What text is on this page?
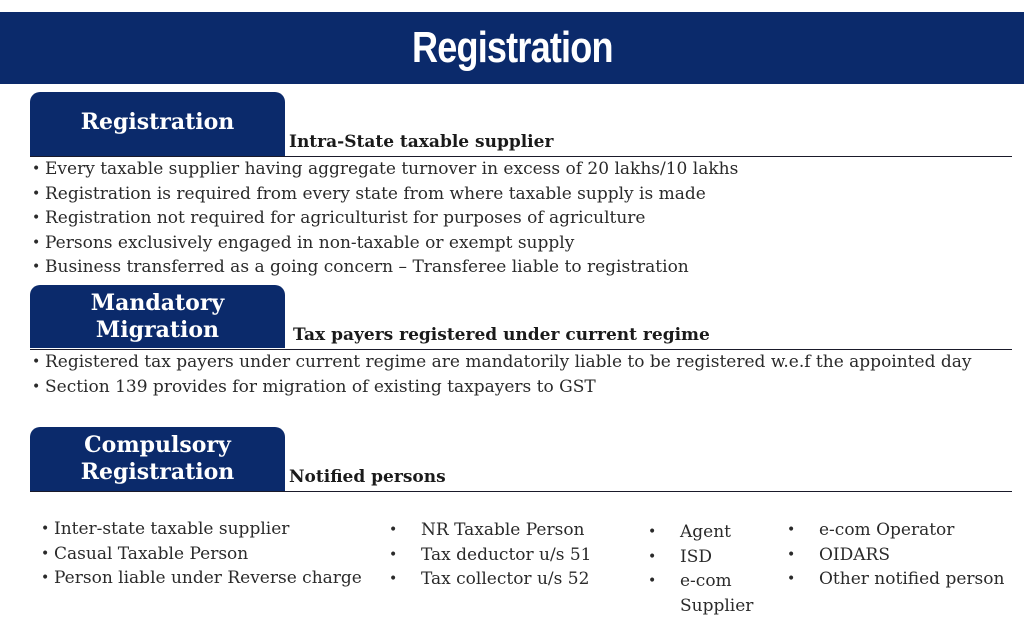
Registration
Registration
Intra-State taxable supplier
• Every taxable supplier having aggregate turnover in excess of 20 lakhs/10 lakhs
• Registration is required from every state from where taxable supply is made
• Registration not required for agriculturist for purposes of agriculture
• Persons exclusively engaged in non-taxable or exempt supply
• Business transferred as a going concern – Transferee liable to registration
Mandatory
Migration	Tax payers registered under current regime
• Registered tax payers under current regime are mandatorily liable to be registered w.e.f the appointed day
• Section 139 provides for migration of existing taxpayers to GST
Compulsory
Registration	Notified persons
• Inter-state taxable supplier
• Casual Taxable Person
• Person liable under Reverse charge
• NR Taxable Person
• Tax deductor u/s 51
• Tax collector u/s 52
• Agent
• ISD
• e-com
Supplier
• e-com Operator
• OIDARS
• Other notified person
